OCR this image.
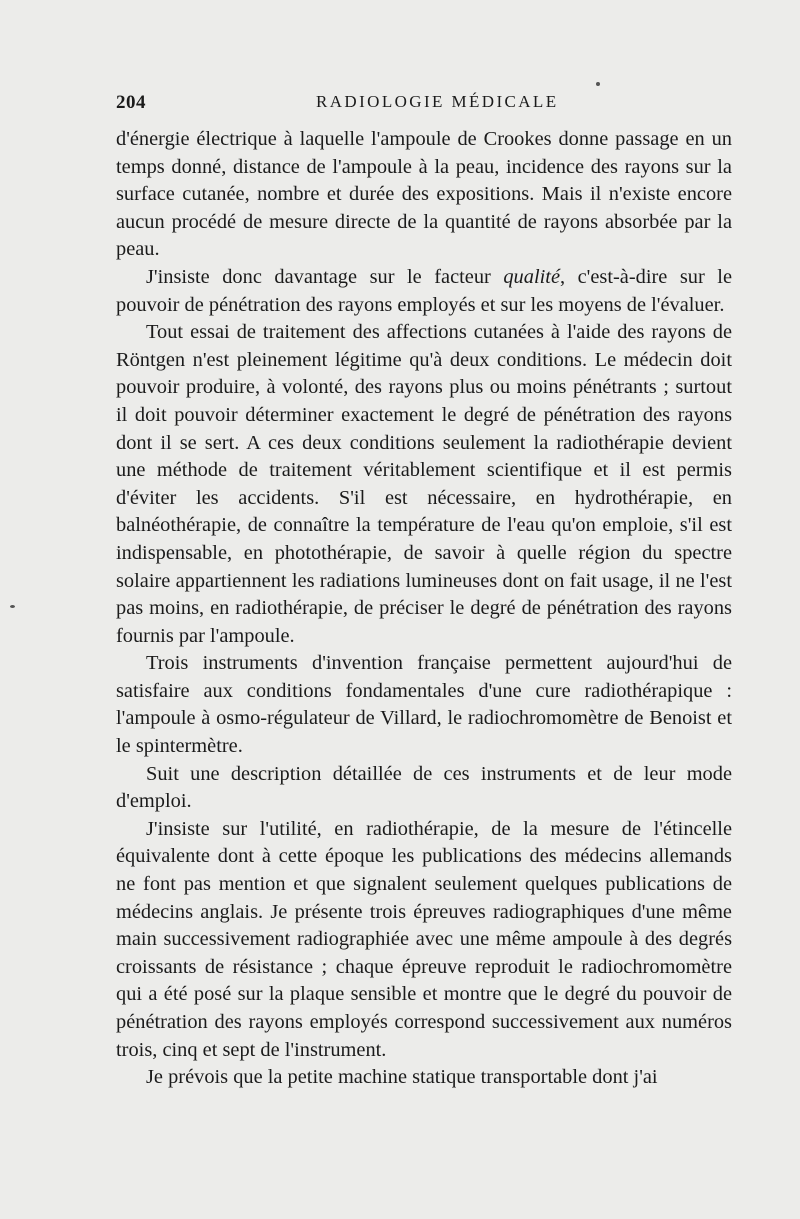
204	RADIOLOGIE MÉDICALE

d'énergie électrique à laquelle l'ampoule de Crookes donne passage en un temps donné, distance de l'ampoule à la peau, incidence des rayons sur la surface cutanée, nombre et durée des expositions. Mais il n'existe encore aucun procédé de mesure directe de la quantité de rayons absorbée par la peau.

J'insiste donc davantage sur le facteur qualité, c'est-à-dire sur le pouvoir de pénétration des rayons employés et sur les moyens de l'évaluer.

Tout essai de traitement des affections cutanées à l'aide des rayons de Röntgen n'est pleinement légitime qu'à deux conditions. Le médecin doit pouvoir produire, à volonté, des rayons plus ou moins pénétrants ; surtout il doit pouvoir déterminer exactement le degré de pénétration des rayons dont il se sert. A ces deux conditions seulement la radiothérapie devient une méthode de traitement véritablement scientifique et il est permis d'éviter les accidents. S'il est nécessaire, en hydrothérapie, en balnéothérapie, de connaître la température de l'eau qu'on emploie, s'il est indispensable, en photothérapie, de savoir à quelle région du spectre solaire appartiennent les radiations lumineuses dont on fait usage, il ne l'est pas moins, en radiothérapie, de préciser le degré de pénétration des rayons fournis par l'ampoule.

Trois instruments d'invention française permettent aujourd'hui de satisfaire aux conditions fondamentales d'une cure radiothérapique : l'ampoule à osmo-régulateur de Villard, le radiochromomètre de Benoist et le spintermètre.

Suit une description détaillée de ces instruments et de leur mode d'emploi.

J'insiste sur l'utilité, en radiothérapie, de la mesure de l'étincelle équivalente dont à cette époque les publications des médecins allemands ne font pas mention et que signalent seulement quelques publications de médecins anglais. Je présente trois épreuves radiographiques d'une même main successivement radiographiée avec une même ampoule à des degrés croissants de résistance ; chaque épreuve reproduit le radiochromomètre qui a été posé sur la plaque sensible et montre que le degré du pouvoir de pénétration des rayons employés correspond successivement aux numéros trois, cinq et sept de l'instrument.

Je prévois que la petite machine statique transportable dont j'ai
